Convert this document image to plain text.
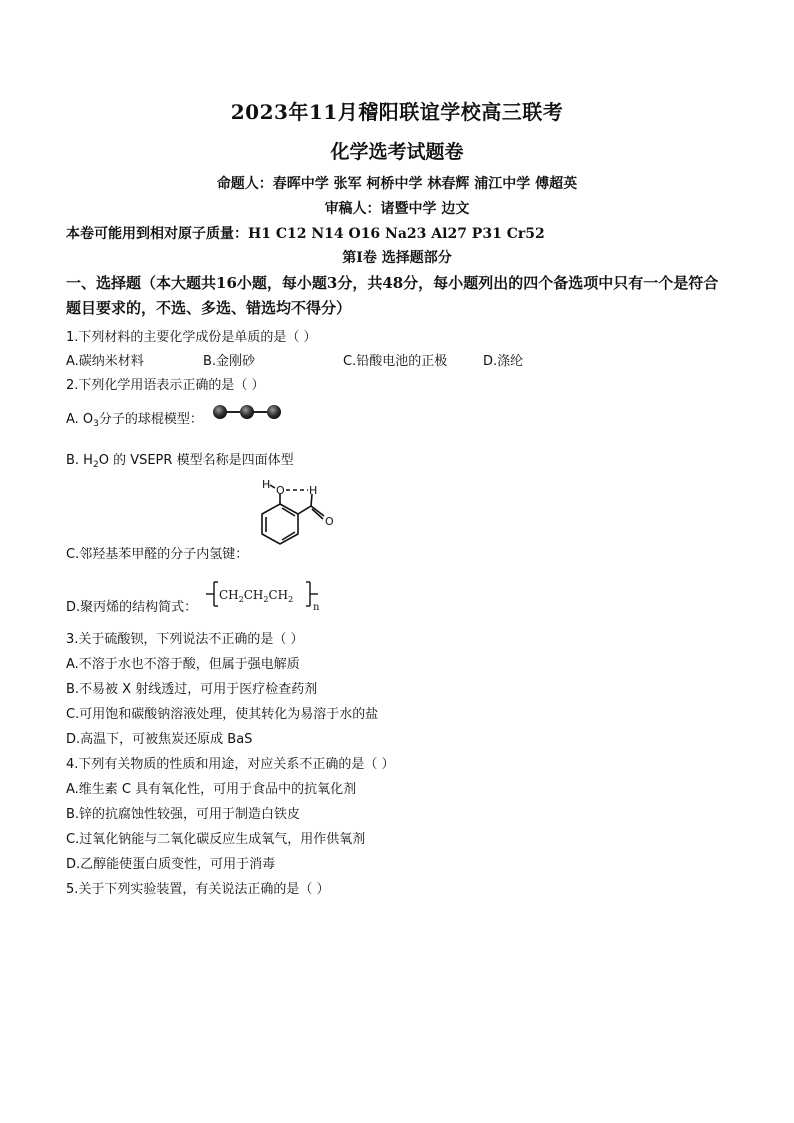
2023年11月稽阳联谊学校高三联考
化学选考试题卷
命题人：春晖中学 张军 柯桥中学 林春辉 浦江中学 傅超英
审稿人：诸暨中学 边文
本卷可能用到相对原子质量：H1 C12 N14 O16 Na23 Al27 P31 Cr52
第Ⅰ卷 选择题部分
一、选择题（本大题共16小题，每小题3分，共48分，每小题列出的四个备选项中只有一个是符合题目要求的，不选、多选、错选均不得分）
1.下列材料的主要化学成份是单质的是（ ）
A.碳纳米材料	B.金刚砂	C.铅酸电池的正极	D.涤纶
2.下列化学用语表示正确的是（ ）
A. $O_3$分子的球棍模型：
B. $H_2O$ 的 VSEPR 模型名称是四面体型
C.邻羟基苯甲醛的分子内氢键：
H O H
O
D.聚丙烯的结构简式：
$CH_2CH_2CH_2$
n
3.关于硫酸钡，下列说法不正确的是（ ）
A.不溶于水也不溶于酸，但属于强电解质
B.不易被 X 射线透过，可用于医疗检查药剂
C.可用饱和碳酸钠溶液处理，使其转化为易溶于水的盐
D.高温下，可被焦炭还原成 BaS
4.下列有关物质的性质和用途，对应关系不正确的是（ ）
A.维生素 C 具有氧化性，可用于食品中的抗氧化剂
B.锌的抗腐蚀性较强，可用于制造白铁皮
C.过氧化钠能与二氧化碳反应生成氧气，用作供氧剂
D.乙醇能使蛋白质变性，可用于消毒
5.关于下列实验装置，有关说法正确的是（ ）
